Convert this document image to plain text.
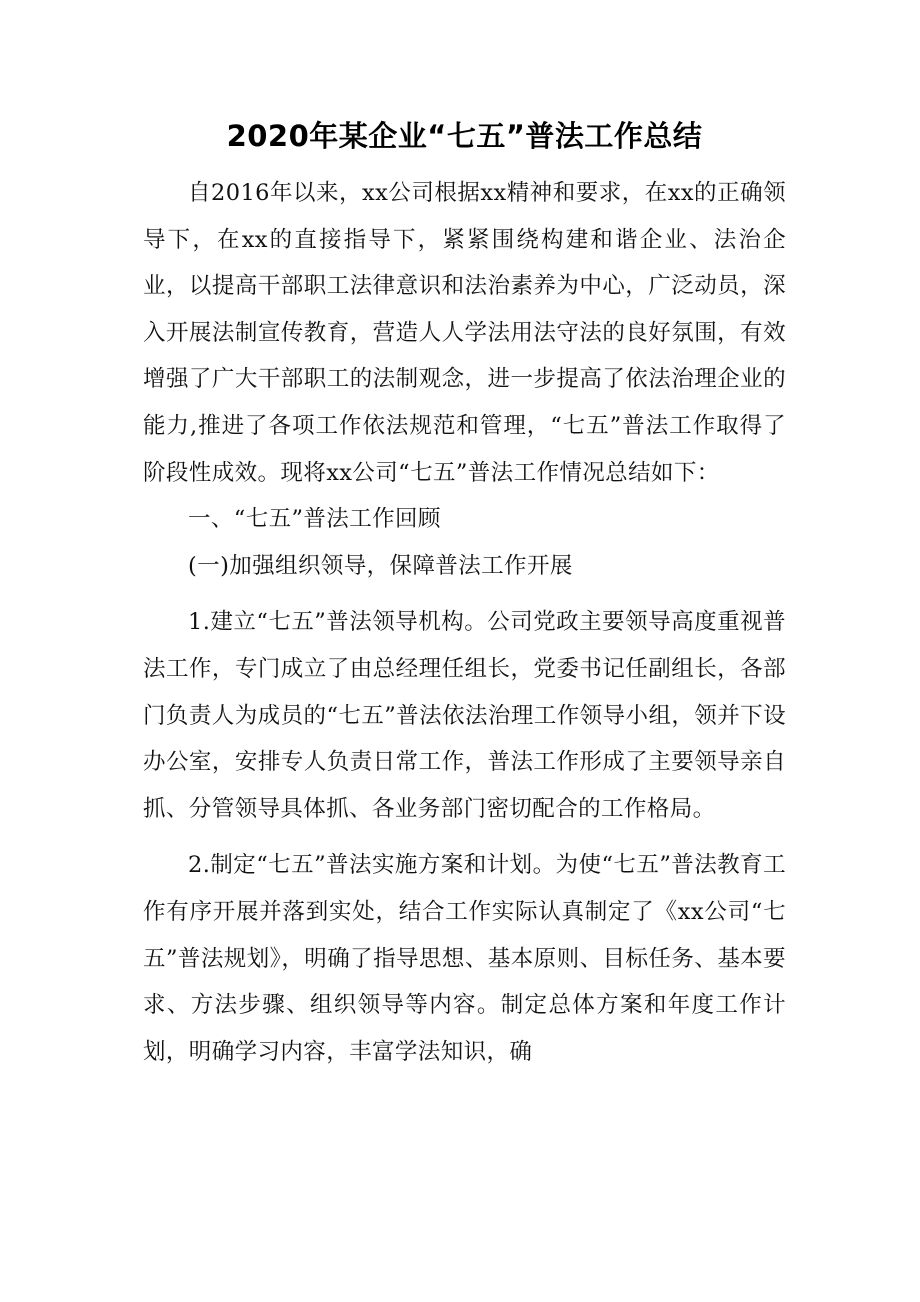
2020年某企业“七五”普法工作总结

自2016年以来，xx公司根据xx精神和要求，在xx的正确领导下，在xx的直接指导下，紧紧围绕构建和谐企业、法治企业，以提高干部职工法律意识和法治素养为中心，广泛动员，深入开展法制宣传教育，营造人人学法用法守法的良好氛围，有效增强了广大干部职工的法制观念，进一步提高了依法治理企业的能力,推进了各项工作依法规范和管理，“七五”普法工作取得了阶段性成效。现将xx公司“七五”普法工作情况总结如下：

一、“七五”普法工作回顾

(一)加强组织领导，保障普法工作开展

1.建立“七五”普法领导机构。公司党政主要领导高度重视普法工作，专门成立了由总经理任组长，党委书记任副组长，各部门负责人为成员的“七五”普法依法治理工作领导小组，领并下设办公室，安排专人负责日常工作，普法工作形成了主要领导亲自抓、分管领导具体抓、各业务部门密切配合的工作格局。

2.制定“七五”普法实施方案和计划。为使“七五”普法教育工作有序开展并落到实处，结合工作实际认真制定了《xx公司“七五”普法规划》，明确了指导思想、基本原则、目标任务、基本要求、方法步骤、组织领导等内容。制定总体方案和年度工作计划，明确学习内容，丰富学法知识，确
